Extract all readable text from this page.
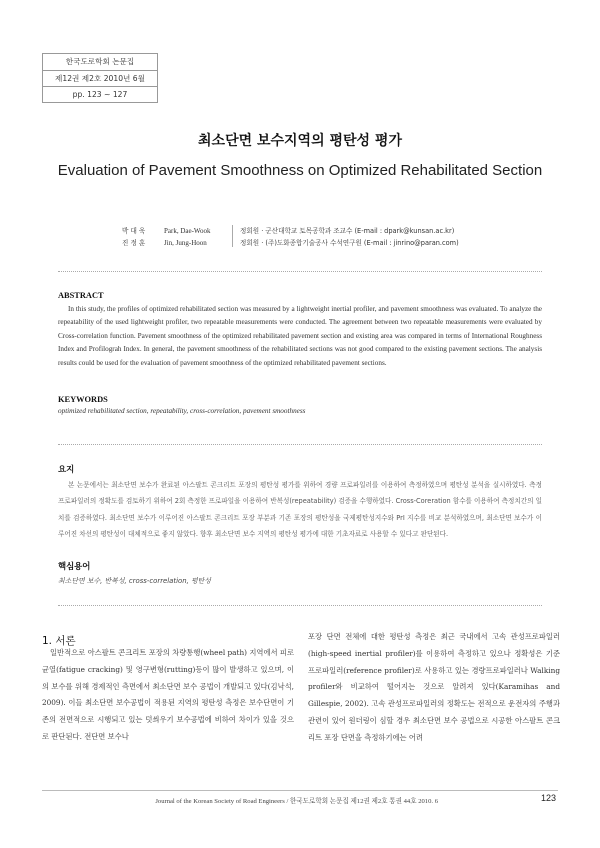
한국도로학회 논문집
제12권 제2호 2010년 6월
pp. 123 ~ 127
최소단면 보수지역의 평탄성 평가
Evaluation of Pavement Smoothness on Optimized Rehabilitated Section
박 대 욱	Park, Dae-Wook	정회원 · 군산대학교 토목공학과 조교수 (E-mail : dpark@kunsan.ac.kr)
진 정 훈	Jin, Jung-Hoon	정회원 · (주)도화종합기술공사 수석연구원 (E-mail : jinrino@paran.com)
ABSTRACT
In this study, the profiles of optimized rehabilitated section was measured by a lightweight inertial profiler, and pavement smoothness was evaluated. To analyze the repeatability of the used lightweight profiler, two repeatable measurements were conducted. The agreement between two repeatable measurements were evaluated by Cross-correlation function. Pavement smoothness of the optimized rehabilitated pavement section and existing area was compared in terms of International Roughness Index and Profilograh Index. In general, the pavement smoothness of the rehabilitated sections was not good compared to the existing pavement sections. The analysis results could be used for the evaluation of pavement smoothness of the optimized rehabilitated pavement sections.
KEYWORDS
optimized rehabilitated section, repeatability, cross-correlation, pavement smoothness
요지
본 논문에서는 최소단면 보수가 완료된 아스팔트 콘크리트 포장의 평탄성 평가를 위하여 경량 프로파일러를 이용하여 측정하였으며 평탄성 분석을 실시하였다. 측정 프로파일러의 정확도를 검토하기 위하여 2회 측정한 프로파일을 이용하여 반복성(repeatability) 검증을 수행하였다. Cross-Coreration 함수를 이용하여 측정치간의 일치를 검증하였다. 최소단면 보수가 이루어진 아스팔트 콘크리트 포장 부분과 기존 포장의 평탄성을 국제평탄성지수와 PrI 지수를 비교 분석하였으며, 최소단면 보수가 이루어진 차선의 평탄성이 대체적으로 좋지 않았다. 향후 최소단면 보수 지역의 평탄성 평가에 대한 기초자료로 사용할 수 있다고 판단된다.
핵심용어
최소단면 보수, 반복성, cross-correlation, 평탄성
1. 서론
일반적으로 아스팔트 콘크리트 포장의 차량통행(wheel path) 지역에서 피로균열(fatigue cracking) 및 영구변형(rutting)등이 많이 발생하고 있으며, 이의 보수를 위해 경제적인 측면에서 최소단면 보수 공법이 개발되고 있다(김낙석, 2009). 이들 최소단면 보수공법이 적용된 지역의 평탄성 측정은 보수단면이 기존의 전면적으로 시행되고 있는 덧씌우기 보수공법에 비하여 차이가 있을 것으로 판단된다. 전단면 보수나
포장 단면 전체에 대한 평탄성 측정은 최근 국내에서 고속 관성프로파일러(high-speed inertial profiler)를 이용하여 측정하고 있으나 정확성은 기준 프로파일러(reference profiler)로 사용하고 있는 경량프로파일러나 Walking profiler와 비교하여 떨어지는 것으로 알려져 있다(Karamihas and Gillespie, 2002). 고속 관성프로파일러의 정확도는 전적으로 운전자의 주행과 관련이 있어 원더링이 심할 경우 최소단면 보수 공법으로 시공한 아스팔트 콘크리트 포장 단면을 측정하기에는 어려
Journal of the Korean Society of Road Engineers / 한국도로학회 논문집 제12권 제2호 통권 44호 2010. 6	123
